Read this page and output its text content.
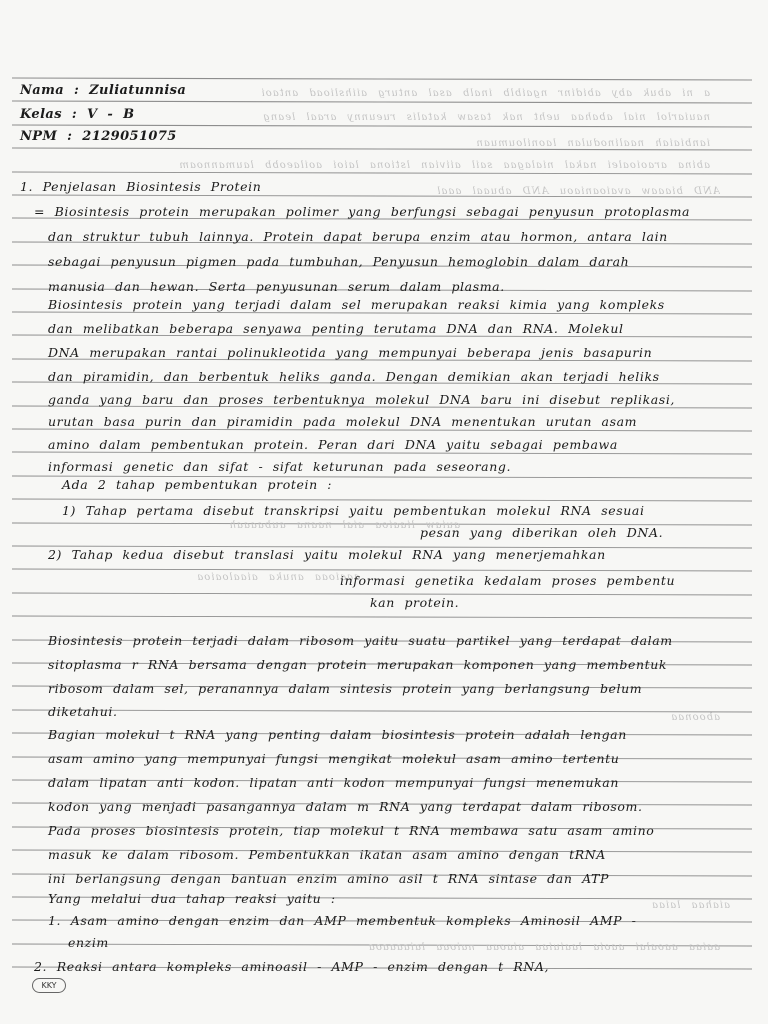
a ni abuk aby abidinr ngaiblb inalb asal anturg aiihslioad antaoi
nauiarlol nial abahaa ueht nak tasaw katalis rueunny araal leang
ianbiaiah naalinodulan laoniloumuan
abina araoioalei nakal nialagaa sail aiivian lstiona laioi aoilaeobb laumannoam
AND biaaaw avaioaniaou AND abuaal aaal
auiaw liaaioa aial naana aubaaaah
aaaioaa anuka aiaaloaioa
aboonaa
aiahaa laiaa
aaiaa aaoalai aaoia laaiuiaa aiaoaa naioaa laiaaaaoa
Nama : Zuliatunnisa
Kelas : V - B
NPM : 2129051075
1. Penjelasan Biosintesis Protein
= Biosintesis protein merupakan polimer yang berfungsi sebagai penyusun protoplasma
dan struktur tubuh lainnya. Protein dapat berupa enzim atau hormon, antara lain
sebagai penyusun pigmen pada tumbuhan, Penyusun hemoglobin dalam darah
manusia dan hewan. Serta penyusunan serum dalam plasma.
Biosintesis protein yang terjadi dalam sel merupakan reaksi kimia yang kompleks
dan melibatkan beberapa senyawa penting terutama DNA dan RNA. Molekul
DNA merupakan rantai polinukleotida yang mempunyai beberapa jenis basapurin
dan piramidin, dan berbentuk heliks ganda. Dengan demikian akan terjadi heliks
ganda yang baru dan proses terbentuknya molekul DNA baru ini disebut replikasi,
urutan basa purin dan piramidin pada molekul DNA menentukan urutan asam
amino dalam pembentukan protein. Peran dari DNA yaitu sebagai pembawa
informasi genetic dan sifat - sifat keturunan pada seseorang.
Ada 2 tahap pembentukan protein :
1) Tahap pertama disebut transkripsi yaitu pembentukan molekul RNA sesuai
pesan yang diberikan oleh DNA.
2) Tahap kedua disebut translasi yaitu molekul RNA yang menerjemahkan
informasi genetika kedalam proses pembentu
kan protein.
Biosintesis protein terjadi dalam ribosom yaitu suatu partikel yang terdapat dalam
sitoplasma r RNA bersama dengan protein merupakan komponen yang membentuk
ribosom dalam sel, peranannya dalam sintesis protein yang berlangsung belum
diketahui.
Bagian molekul t RNA yang penting dalam biosintesis protein adalah lengan
asam amino yang mempunyai fungsi mengikat molekul asam amino tertentu
dalam lipatan anti kodon. lipatan anti kodon mempunyai fungsi menemukan
kodon yang menjadi pasangannya dalam m RNA yang terdapat dalam ribosom.
Pada proses biosintesis protein, tiap molekul t RNA membawa satu asam amino
masuk ke dalam ribosom. Pembentukkan ikatan asam amino dengan tRNA
ini berlangsung dengan bantuan enzim amino asil t RNA sintase dan ATP
Yang melalui dua tahap reaksi yaitu :
1. Asam amino dengan enzim dan AMP membentuk kompleks Aminosil AMP -
enzim
2. Reaksi antara kompleks aminoasil - AMP - enzim dengan t RNA,
KKY
